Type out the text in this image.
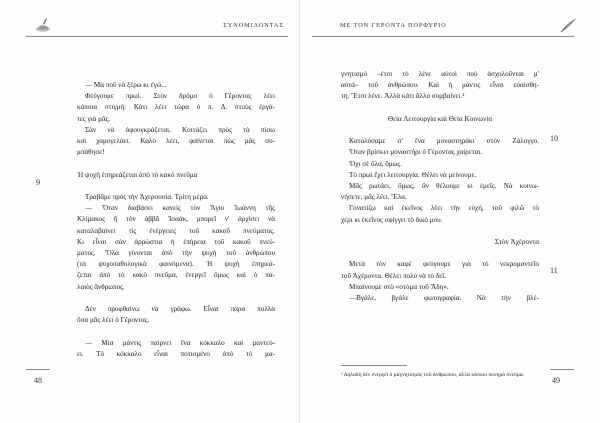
ΣΥΝΟΜΙΛΟΝΤΑΣ	ΜΕ ΤΟΝ ΓΕΡΟΝΤΑ ΠΟΡΦΥΡΙΟ
9
10
11
— Μὰ ποῦ νὰ ξέρω κι ἐγώ...
Φεύγουμε πρωί. Στὸν δρόμο ὁ Γέροντας λέει
κάποια στιγμή: Κάτι λέει τώρα ὁ π. Δ. στοὺς ἐργά-
τες γιὰ μᾶς.
Σὰν νὰ ἀφουγκράζεται. Κοιτάζει πρὸς τὰ πίσω
καὶ χαμογελάει. Καλὸ λέει, φαίνεται πὼς μᾶς συ-
μπάθησε!
Ἡ ψυχὴ ἐπηρεάζεται ἀπὸ τὸ κακὸ πνεῦμα
Τραβᾶμε πρὸς τὴν Ἀχερουσία. Τρίτη μέρα.
— Ὅταν διαβάσει κανεὶς τὸν Ἅγιο Ἰωάννη τῆς
Κλίμακος ἢ τὸν ἀββᾶ Ἰσαάκ, μπορεῖ ν' ἀρχίσει νὰ
καταλαβαίνει τὶς ἐνέργειες τοῦ κακοῦ πνεύματος.
Κι εἶναι σὰν ἀρρώστια ἡ ἐπήρεια τοῦ κακοῦ πνεύ-
ματος. Ὅλα γίνονται ἀπὸ τὴν ψυχὴ τοῦ ἀνθρώπου
(τὰ ψυχοπαθολογικὰ φαινόμενα). Ἡ ψυχὴ ἐπηρεά-
ζεται ἀπὸ τὸ κακὸ πνεῦμα, ἐνεργεῖ ὅμως καὶ ὁ πα-
λαιὸς ἄνθρωπος.
Δὲν προφθαίνω νὰ γράφω. Εἶναι πάρα πολλὰ
ὅσα μᾶς λέει ὁ Γέροντας.
— Μία μάντις παίρνει ἕνα κόκκαλο καὶ μαντεύ-
ει. Τὸ κόκκαλο εἶναι ποτισμένο ἀπὸ τὸ μα-
γνητισμό –ἐτσι τὸ λένε αὐτοὶ ποὺ ἀσχολοῦνται μ'
αὐτά– τοῦ ἀνθρώπου. Καὶ ἡ μάντις εἶναι εὐαίσθη-
τη. Ἔτσι λένε. Ἀλλὰ κάτι ἄλλο συμβαίνει.²
Θεία Λειτουργία καὶ Θεία Κοινωνία
Καταλύσαμε σ' ἕνα μοναστηράκι στὸν Ζάλογγο.
Ὅταν βρίσκει μοναστήρι ὁ Γέροντας χαίρεται.
Ὄχι σὲ ὅλα, ὅμως.
Τὸ πρωὶ ἔχει λειτουργία. Θέλει νὰ μείνουμε.
Μᾶς ρωτάει, ὅμως, ἂν θέλουμε κι ἐμεῖς. Νὰ κοινω-
νήσετε, μᾶς λέει. Ἔλα.
Γονατίζω καὶ ἐκεῖνος λέει τὴν εὐχή, τοῦ φιλῶ τὸ
χέρι κι ἐκεῖνος σφίγγει τὸ δικό μου.
Στὸν Ἀχέροντα
Μετὰ τὸν καφὲ φεύγουμε γιὰ τὸ νεκρομαντεῖο
τοῦ Ἀχέροντα. Θέλει πολὺ νὰ τὸ δεῖ.
Μπαίνουμε στὸ «στόμα τοῦ Ἅδη».
—Βγάλε, βγάλε φωτογραφία. Νὰ τὴν βλέ-
² Δηλαδὴ δὲν ἐνεργεῖ ὁ μαγνητισμὸς τοῦ ἀνθρώπου, ἀλλὰ κάποιο πονηρὸ πνεῦμα.
48	49
